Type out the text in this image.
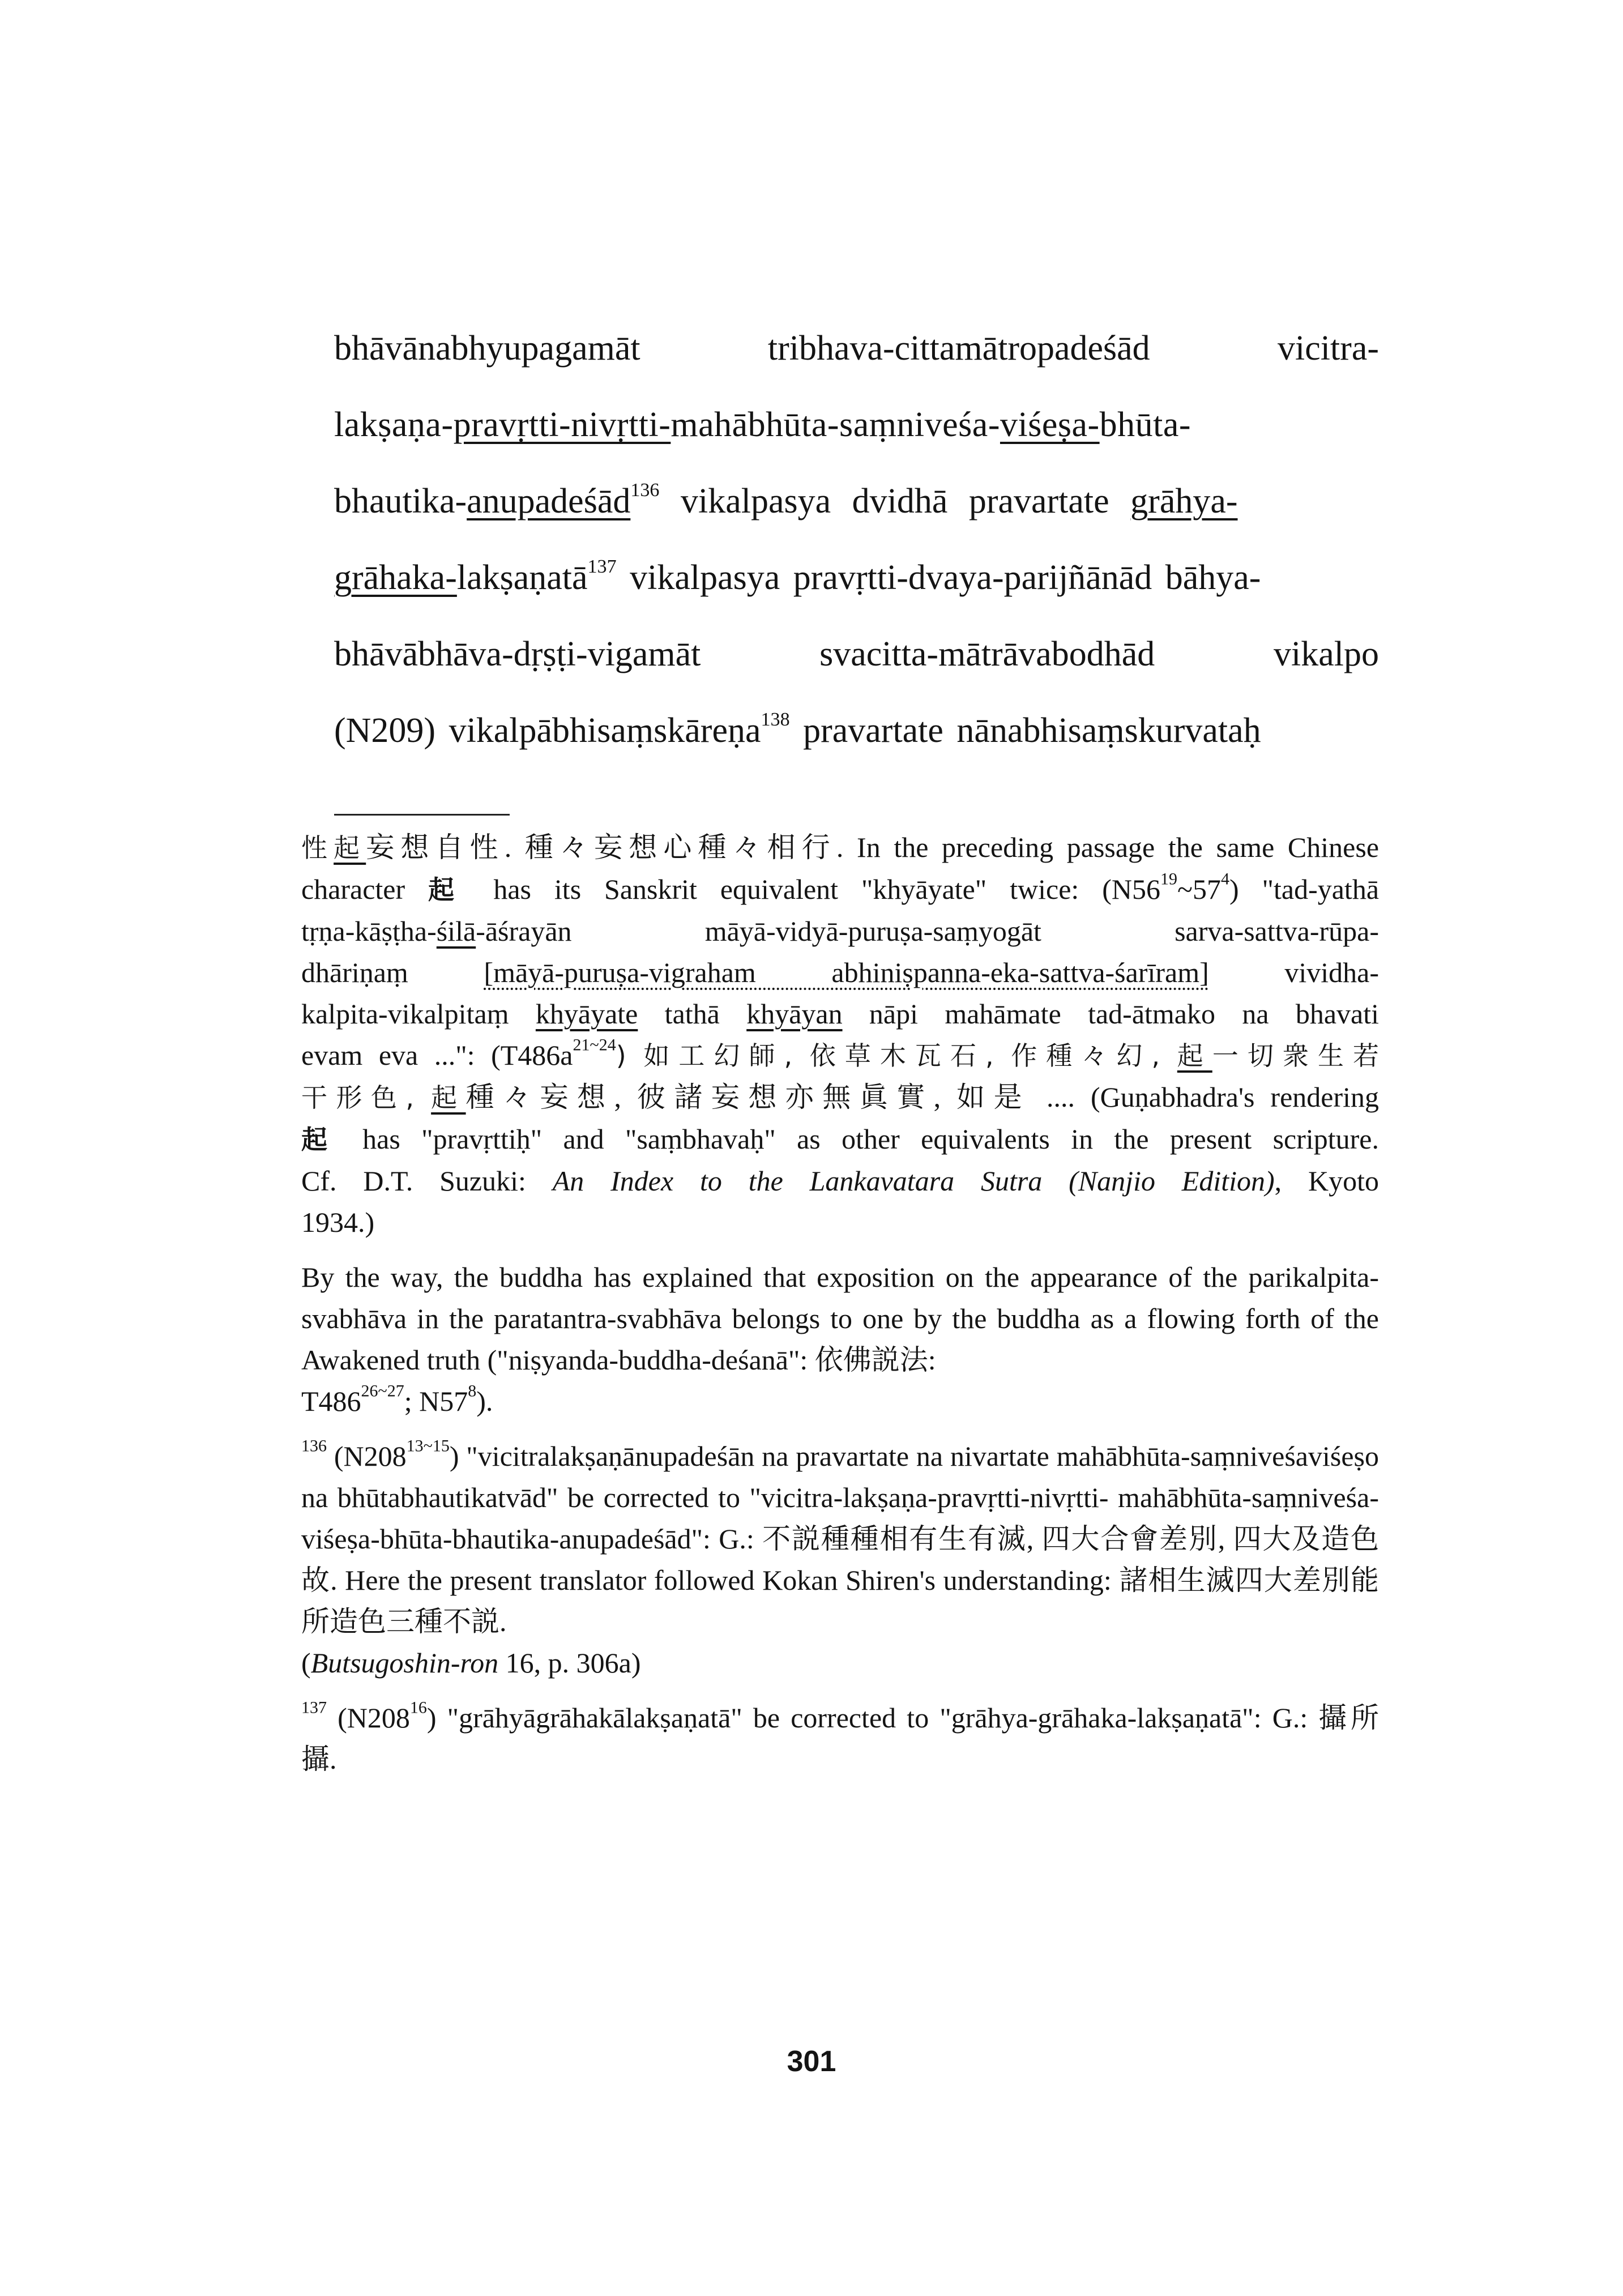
bhāvānabhyupagamāt tribhava-cittamātropadeśād vicitra-
lakṣaṇa-pravṛtti-nivṛtti-mahābhūta-saṃniveśa-viśeṣa-bhūta-
bhautika-anupadeśād$^{136}$ vikalpasya dvidhā pravartate grāhya-
grāhaka-lakṣaṇatā$^{137}$ vikalpasya pravṛtti-dvaya-parijñānād bāhya-
bhāvābhāva-dṛṣṭi-vigamāt svacitta-mātrāvabodhād vikalpo
(N209) vikalpābhisaṃskāreṇa$^{138}$ pravartate nānabhisaṃskurvataḥ

性起妄想自性. 種々妄想心種々相行. In the preceding passage the same Chinese
character 起 has its Sanskrit equivalent "khyāyate" twice: $(N56^{19}\sim 57^4)$ "tad-yathā
tṛṇa-kāṣṭha-śilā-āśrayān māyā-vidyā-puruṣa-saṃyogāt sarva-sattva-rūpa-
dhāriṇaṃ [māyā-puruṣa-vigraham abhiniṣpanna-eka-sattva-śarīram] vividha-
kalpita-vikalpitaṃ khyāyate tathā khyāyan nāpi mahāmate tad-ātmako na bhavati
evam eva ...": $(T486a^{21\sim 24})$ 如工幻師, 依草木瓦石, 作種々幻, 起一切衆生若
干形色, 起種々妄想, 彼諸妄想亦無眞實, 如是 .... (Guṇabhadra's rendering
起 has "pravṛttiḥ" and "saṃbhavaḥ" as other equivalents in the present scripture.
Cf. D.T. Suzuki: An Index to the Lankavatara Sutra (Nanjio Edition), Kyoto
1934.)

By the way, the buddha has explained that exposition on the appearance of the parikalpita-svabhāva in the paratantra-svabhāva belongs to one by the buddha as a flowing forth of the Awakened truth ("niṣyanda-buddha-deśanā": 依佛説法:
$T486^{26\sim 27}$; $N57^8$).

$^{136}$ $(N208^{13\sim 15})$ "vicitralakṣaṇānupadeśān na pravartate na nivartate mahābhūta-saṃniveśaviśeṣo na bhūtabhautikatvād" be corrected to "vicitra-lakṣaṇa-pravṛtti-nivṛtti- mahābhūta-saṃniveśa-viśeṣa-bhūta-bhautika-anupadeśād": G.: 不説種種相有生有滅, 四大合會差別, 四大及造色故. Here the present translator followed Kokan Shiren's understanding: 諸相生滅四大差別能所造色三種不説.
(Butsugoshin-ron 16, p. 306a)

$^{137}$ $(N208^{16})$ "grāhyāgrāhakālakṣaṇatā" be corrected to "grāhya-grāhaka-lakṣaṇatā": G.: 攝所攝.

301
